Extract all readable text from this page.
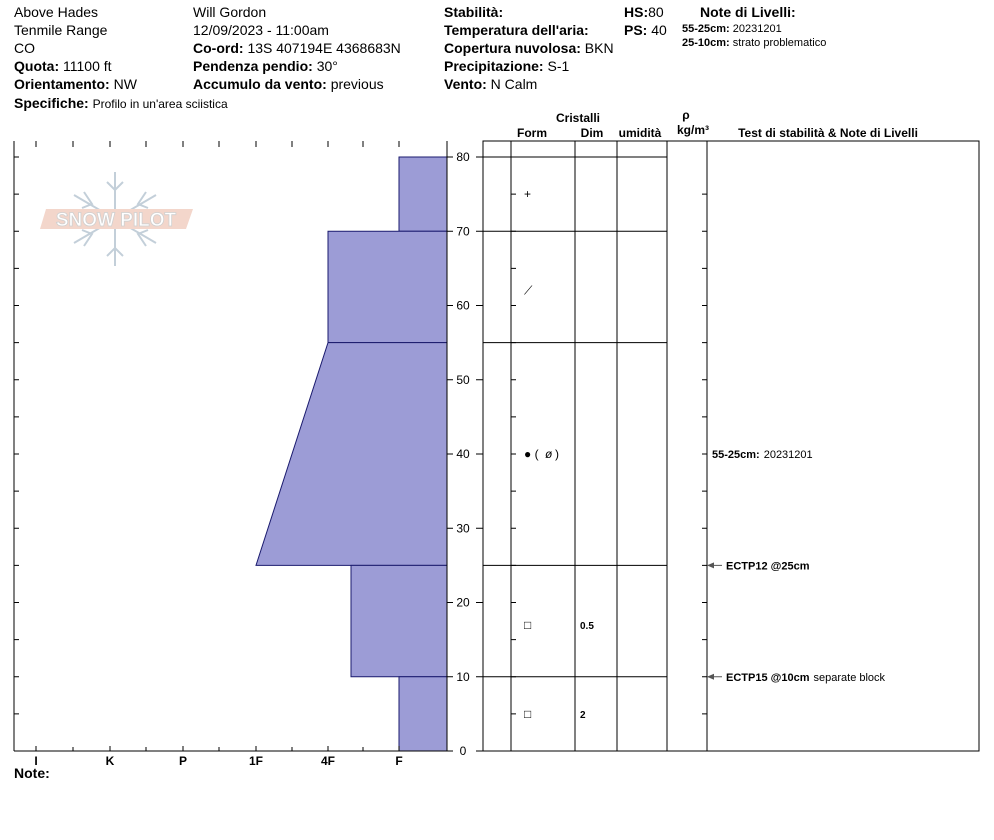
Above Hades
Tenmile Range
CO
Quota: 11100 ft
Orientamento: NW
Specifiche: Profilo in un'area sciistica
Will Gordon
12/09/2023 - 11:00am
Co-ord: 13S 407194E 4368683N
Pendenza pendio: 30°
Accumulo da vento: previous
Stabilità:
Temperatura dell'aria:
Copertura nuvolosa: BKN
Precipitazione: S-1
Vento: N Calm
HS:80
PS: 40
Note di Livelli:
55-25cm: 20231201
25-10cm: strato problematico
SNOW PILOT
I	K	P	1F	4F	F
0
10
20
30
40
50
60
70
80
+
⟋
● ( ø )
□	0.5
□	2
55-25cm: 20231201
ECTP12 @25cm
ECTP15 @10cm separate block
Cristalli
Form	Dim umidità
ρ
kg/m³ Test di stabilità & Note di Livelli
Note:
